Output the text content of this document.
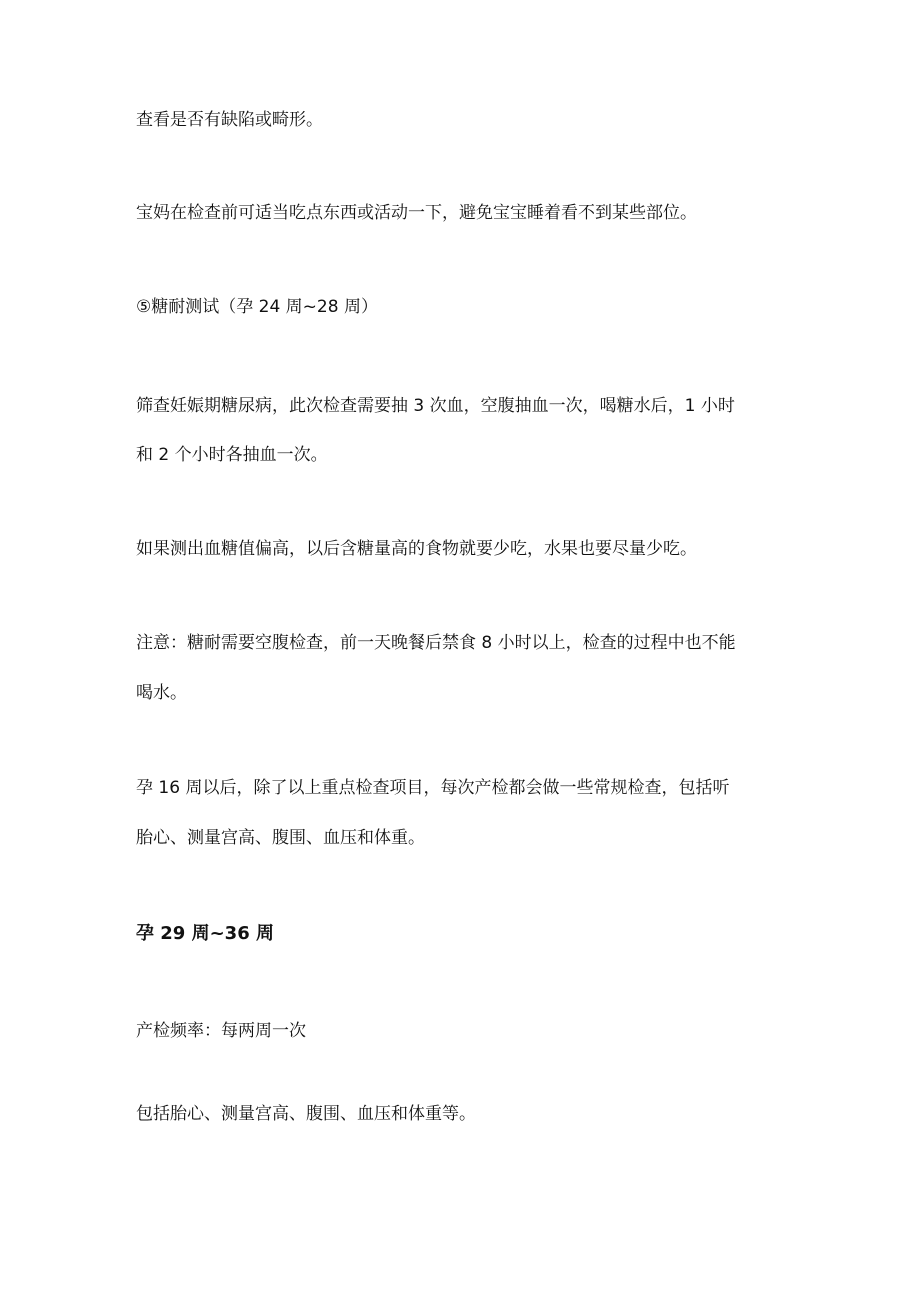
查看是否有缺陷或畸形。

宝妈在检查前可适当吃点东西或活动一下，避免宝宝睡着看不到某些部位。

⑤糖耐测试（孕 24 周~28 周）

筛查妊娠期糖尿病，此次检查需要抽 3 次血，空腹抽血一次，喝糖水后，1 小时

和 2 个小时各抽血一次。

如果测出血糖值偏高，以后含糖量高的食物就要少吃，水果也要尽量少吃。

注意：糖耐需要空腹检查，前一天晚餐后禁食 8 小时以上，检查的过程中也不能

喝水。

孕 16 周以后，除了以上重点检查项目，每次产检都会做一些常规检查，包括听

胎心、测量宫高、腹围、血压和体重。

孕 29 周~36 周

产检频率：每两周一次

包括胎心、测量宫高、腹围、血压和体重等。
